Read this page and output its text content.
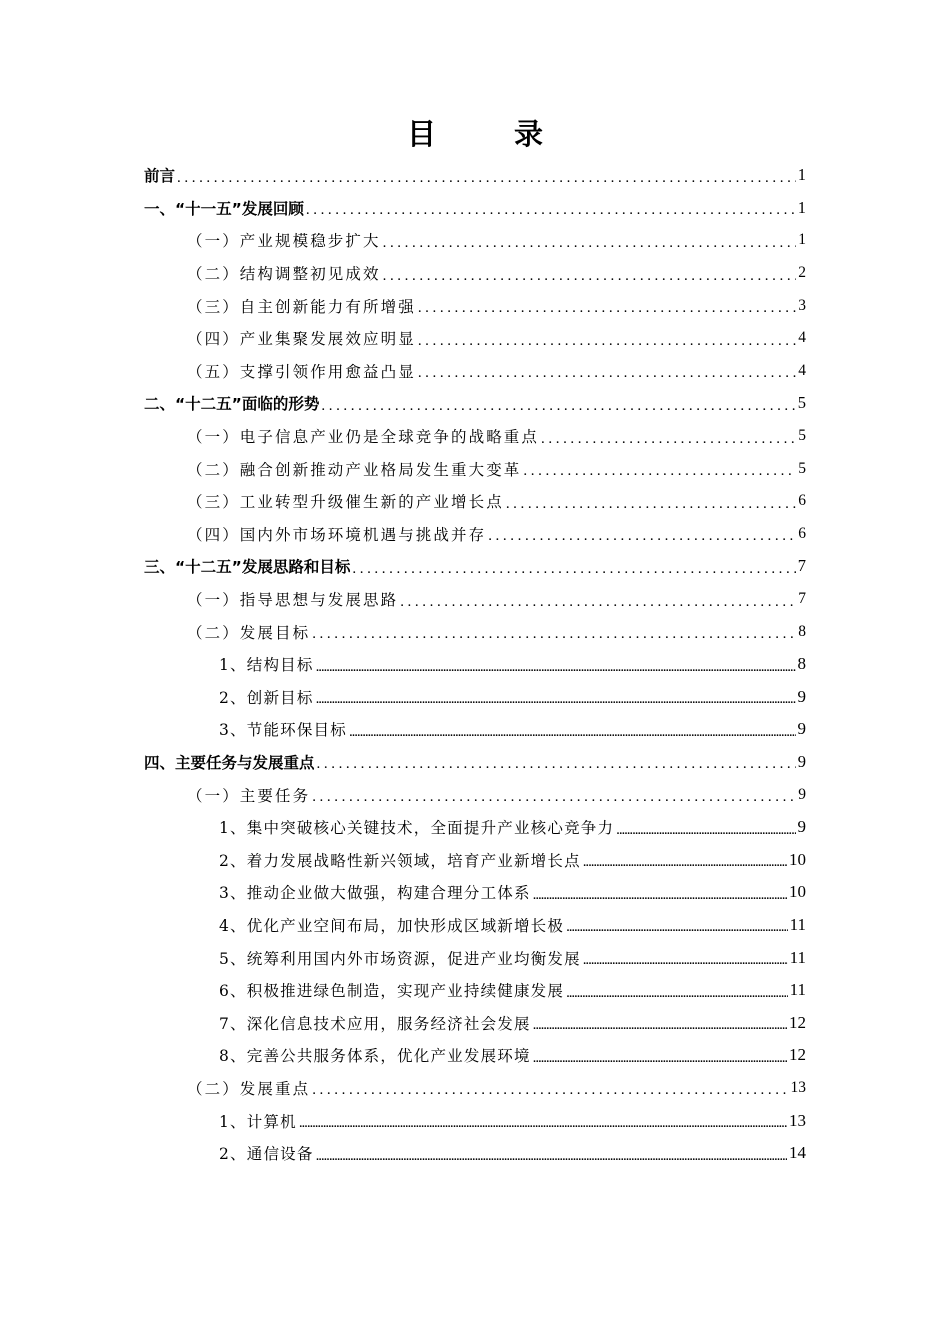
目 录
前言 .....	1
一、“十一五”发展回顾 .....	1
（一）产业规模稳步扩大 .....	1
（二）结构调整初见成效 .....	2
（三）自主创新能力有所增强 .....	3
（四）产业集聚发展效应明显 .....	4
（五）支撑引领作用愈益凸显 .....	4
二、“十二五”面临的形势 .....	5
（一）电子信息产业仍是全球竞争的战略重点 .....	5
（二）融合创新推动产业格局发生重大变革 .....	5
（三）工业转型升级催生新的产业增长点 .....	6
（四）国内外市场环境机遇与挑战并存 .....	6
三、“十二五”发展思路和目标 .....	7
（一）指导思想与发展思路 .....	7
（二）发展目标 .....	8
1、结构目标 .....	8
2、创新目标 .....	9
3、节能环保目标 .....	9
四、主要任务与发展重点 .....	9
（一）主要任务 .....	9
1、集中突破核心关键技术，全面提升产业核心竞争力 .....	9
2、着力发展战略性新兴领域，培育产业新增长点 .....	10
3、推动企业做大做强，构建合理分工体系 .....	10
4、优化产业空间布局，加快形成区域新增长极 .....	11
5、统筹利用国内外市场资源，促进产业均衡发展 .....	11
6、积极推进绿色制造，实现产业持续健康发展 .....	11
7、深化信息技术应用，服务经济社会发展 .....	12
8、完善公共服务体系，优化产业发展环境 .....	12
（二）发展重点 .....	13
1、计算机 .....	13
2、通信设备 .....	14
